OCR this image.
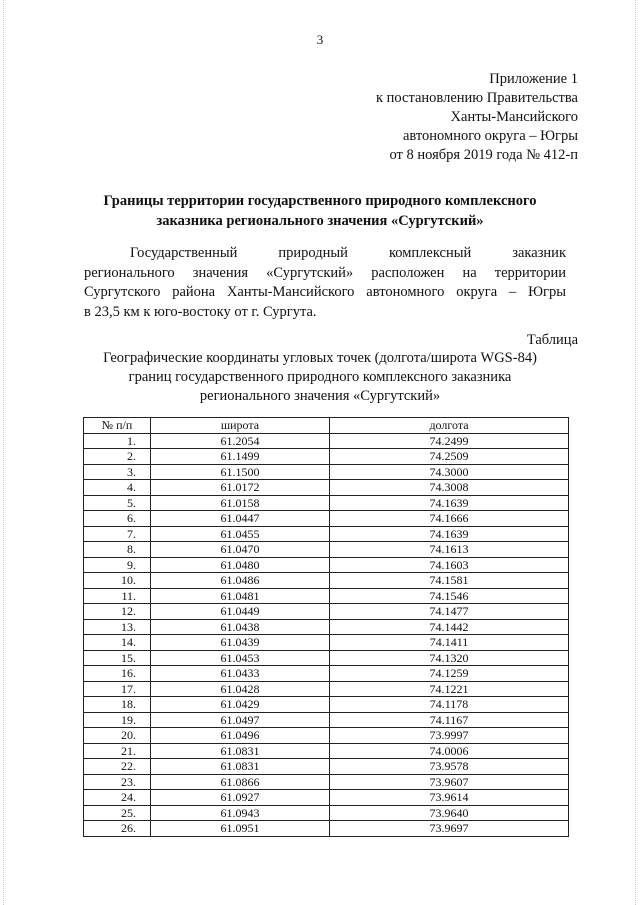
3
Приложение 1
к постановлению Правительства
Ханты-Мансийского
автономного округа – Югры
от 8 ноября 2019 года № 412-п
Границы территории государственного природного комплексного
заказника регионального значения «Сургутский»
Государственный природный комплексный заказник
регионального значения «Сургутский» расположен на территории
Сургутского района Ханты-Мансийского автономного округа – Югры
в 23,5 км к юго-востоку от г. Сургута.
Таблица
Географические координаты угловых точек (долгота/широта WGS-84)
границ государственного природного комплексного заказника
регионального значения «Сургутский»
№ п/п	широта	долгота
1.	61.2054	74.2499
2.	61.1499	74.2509
3.	61.1500	74.3000
4.	61.0172	74.3008
5.	61.0158	74.1639
6.	61.0447	74.1666
7.	61.0455	74.1639
8.	61.0470	74.1613
9.	61.0480	74.1603
10.	61.0486	74.1581
11.	61.0481	74.1546
12.	61.0449	74.1477
13.	61.0438	74.1442
14.	61.0439	74.1411
15.	61.0453	74.1320
16.	61.0433	74.1259
17.	61.0428	74.1221
18.	61.0429	74.1178
19.	61.0497	74.1167
20.	61.0496	73.9997
21.	61.0831	74.0006
22.	61.0831	73.9578
23.	61.0866	73.9607
24.	61.0927	73.9614
25.	61.0943	73.9640
26.	61.0951	73.9697
